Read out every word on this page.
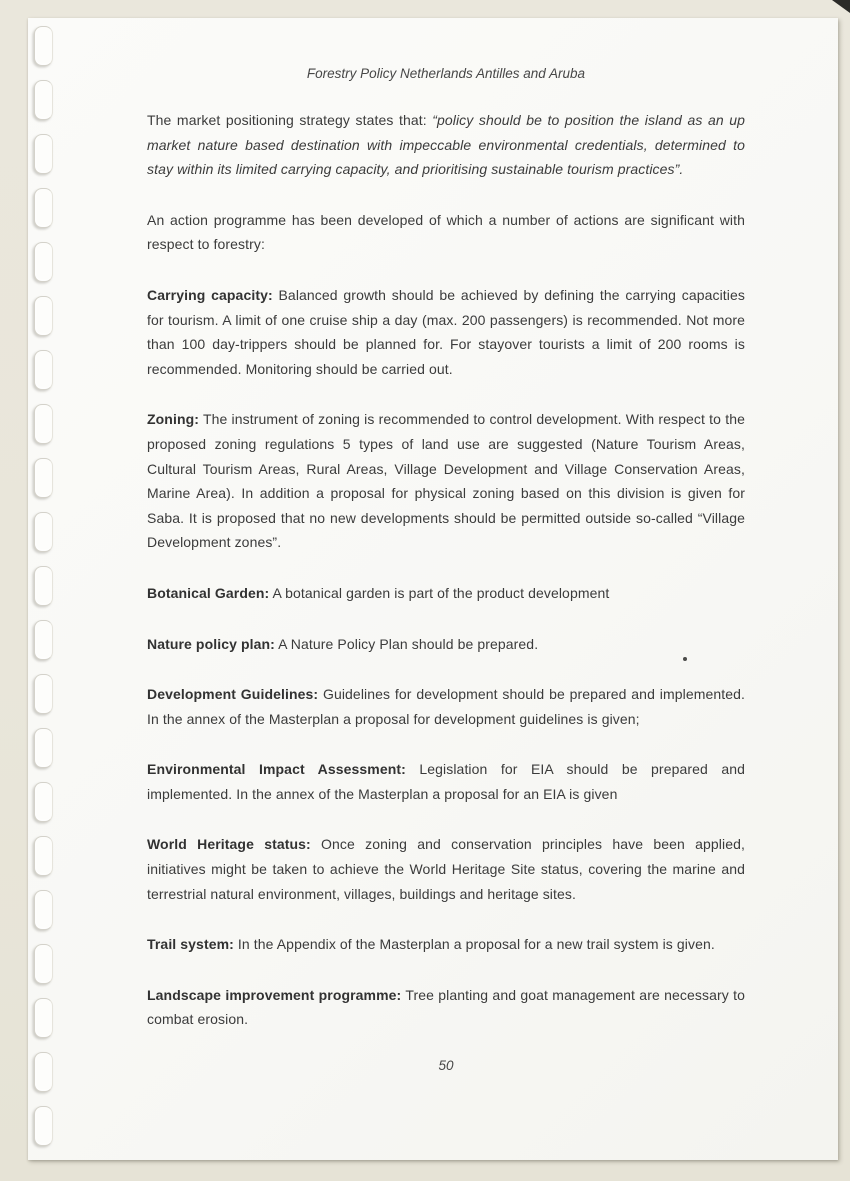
Forestry Policy Netherlands Antilles and Aruba

The market positioning strategy states that: “policy should be to position the island as an up market nature based destination with impeccable environmental credentials, determined to stay within its limited carrying capacity, and prioritising sustainable tourism practices”.

An action programme has been developed of which a number of actions are significant with respect to forestry:

Carrying capacity: Balanced growth should be achieved by defining the carrying capacities for tourism. A limit of one cruise ship a day (max. 200 passengers) is recommended. Not more than 100 day-trippers should be planned for. For stayover tourists a limit of 200 rooms is recommended. Monitoring should be carried out.

Zoning: The instrument of zoning is recommended to control development. With respect to the proposed zoning regulations 5 types of land use are suggested (Nature Tourism Areas, Cultural Tourism Areas, Rural Areas, Village Development and Village Conservation Areas, Marine Area). In addition a proposal for physical zoning based on this division is given for Saba. It is proposed that no new developments should be permitted outside so-called “Village Development zones”.

Botanical Garden: A botanical garden is part of the product development

Nature policy plan: A Nature Policy Plan should be prepared.

Development Guidelines: Guidelines for development should be prepared and implemented. In the annex of the Masterplan a proposal for development guidelines is given;

Environmental Impact Assessment: Legislation for EIA should be prepared and implemented. In the annex of the Masterplan a proposal for an EIA is given

World Heritage status: Once zoning and conservation principles have been applied, initiatives might be taken to achieve the World Heritage Site status, covering the marine and terrestrial natural environment, villages, buildings and heritage sites.

Trail system: In the Appendix of the Masterplan a proposal for a new trail system is given.

Landscape improvement programme: Tree planting and goat management are necessary to combat erosion.

50
